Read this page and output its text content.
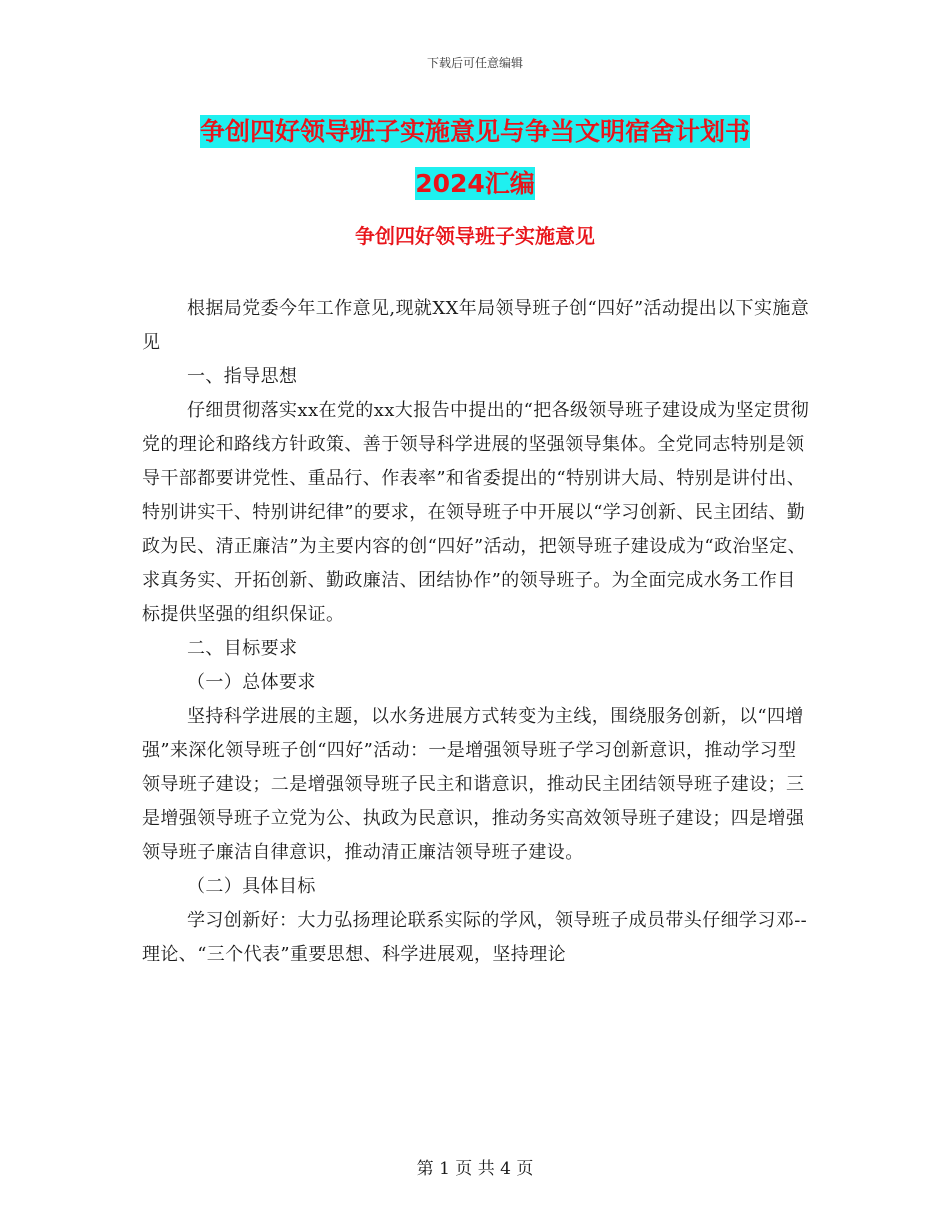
下载后可任意编辑
争创四好领导班子实施意见与争当文明宿舍计划书
2024汇编
争创四好领导班子实施意见

根据局党委今年工作意见,现就XX年局领导班子创“四好”活动提出以下实施意见

一、指导思想

仔细贯彻落实xx在党的xx大报告中提出的“把各级领导班子建设成为坚定贯彻党的理论和路线方针政策、善于领导科学进展的坚强领导集体。全党同志特别是领导干部都要讲党性、重品行、作表率”和省委提出的“特别讲大局、特别是讲付出、特别讲实干、特别讲纪律”的要求，在领导班子中开展以“学习创新、民主团结、勤政为民、清正廉洁”为主要内容的创“四好”活动，把领导班子建设成为“政治坚定、求真务实、开拓创新、勤政廉洁、团结协作”的领导班子。为全面完成水务工作目标提供坚强的组织保证。

二、目标要求

（一）总体要求

坚持科学进展的主题，以水务进展方式转变为主线，围绕服务创新，以“四增强”来深化领导班子创“四好”活动：一是增强领导班子学习创新意识，推动学习型领导班子建设；二是增强领导班子民主和谐意识，推动民主团结领导班子建设；三是增强领导班子立党为公、执政为民意识，推动务实高效领导班子建设；四是增强领导班子廉洁自律意识，推动清正廉洁领导班子建设。

（二）具体目标

学习创新好：大力弘扬理论联系实际的学风，领导班子成员带头仔细学习邓--理论、“三个代表”重要思想、科学进展观，坚持理论

第 1 页 共 4 页
